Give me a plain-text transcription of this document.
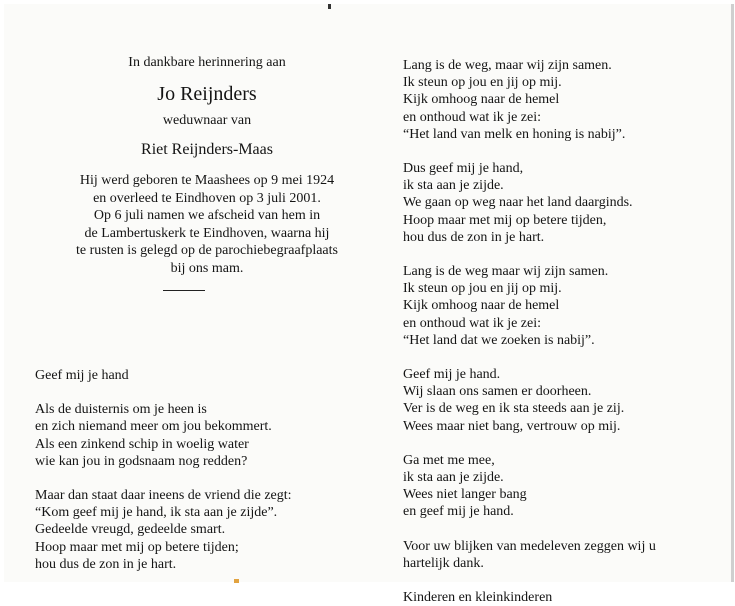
In dankbare herinnering aan
Jo Reijnders
weduwnaar van
Riet Reijnders-Maas
Hij werd geboren te Maashees op 9 mei 1924
en overleed te Eindhoven op 3 juli 2001.
Op 6 juli namen we afscheid van hem in
de Lambertuskerk te Eindhoven, waarna hij
te rusten is gelegd op de parochiebegraafplaats
bij ons mam.
Geef mij je hand
Als de duisternis om je heen is
en zich niemand meer om jou bekommert.
Als een zinkend schip in woelig water
wie kan jou in godsnaam nog redden?
Maar dan staat daar ineens de vriend die zegt:
“Kom geef mij je hand, ik sta aan je zijde”.
Gedeelde vreugd, gedeelde smart.
Hoop maar met mij op betere tijden;
hou dus de zon in je hart.
Lang is de weg, maar wij zijn samen.
Ik steun op jou en jij op mij.
Kijk omhoog naar de hemel
en onthoud wat ik je zei:
“Het land van melk en honing is nabij”.
Dus geef mij je hand,
ik sta aan je zijde.
We gaan op weg naar het land daarginds.
Hoop maar met mij op betere tijden,
hou dus de zon in je hart.
Lang is de weg maar wij zijn samen.
Ik steun op jou en jij op mij.
Kijk omhoog naar de hemel
en onthoud wat ik je zei:
“Het land dat we zoeken is nabij”.
Geef mij je hand.
Wij slaan ons samen er doorheen.
Ver is de weg en ik sta steeds aan je zij.
Wees maar niet bang, vertrouw op mij.
Ga met me mee,
ik sta aan je zijde.
Wees niet langer bang
en geef mij je hand.
Voor uw blijken van medeleven zeggen wij u
hartelijk dank.
Kinderen en kleinkinderen
